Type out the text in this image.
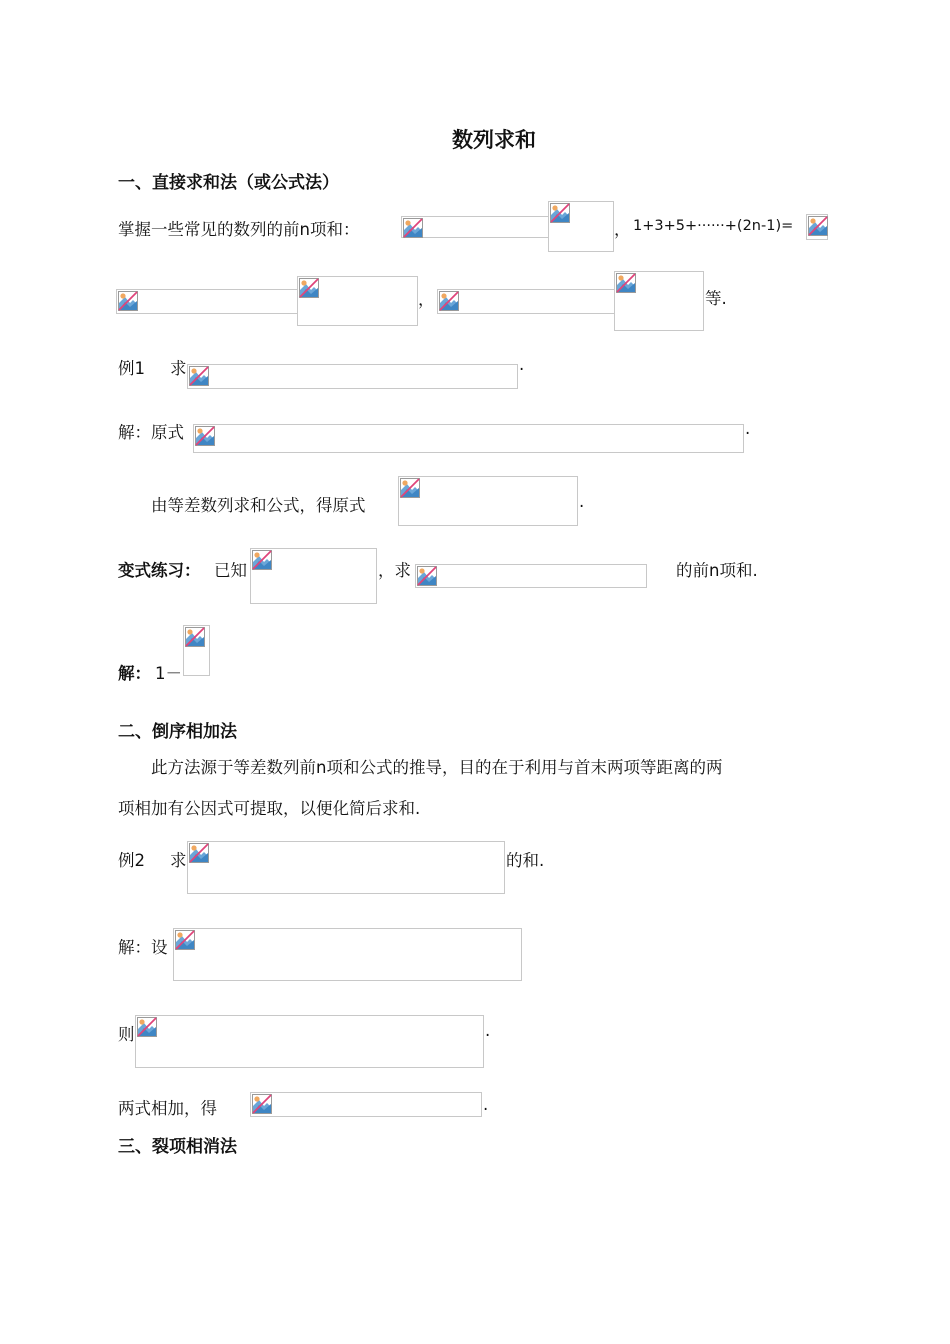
数列求和
一、直接求和法（或公式法）
掌握一些常见的数列的前n项和：	， 1+3+5+······+(2n-1)=
，	等.
例1 求	.
解：原式	.
由等差数列求和公式，得原式	.
变式练习： 已知	，求	的前n项和.
解： 1－
二、倒序相加法
此方法源于等差数列前n项和公式的推导，目的在于利用与首末两项等距离的两
项相加有公因式可提取，以便化简后求和.
例2 求	的和.
解：设
则	.
两式相加，得	.
三、裂项相消法
